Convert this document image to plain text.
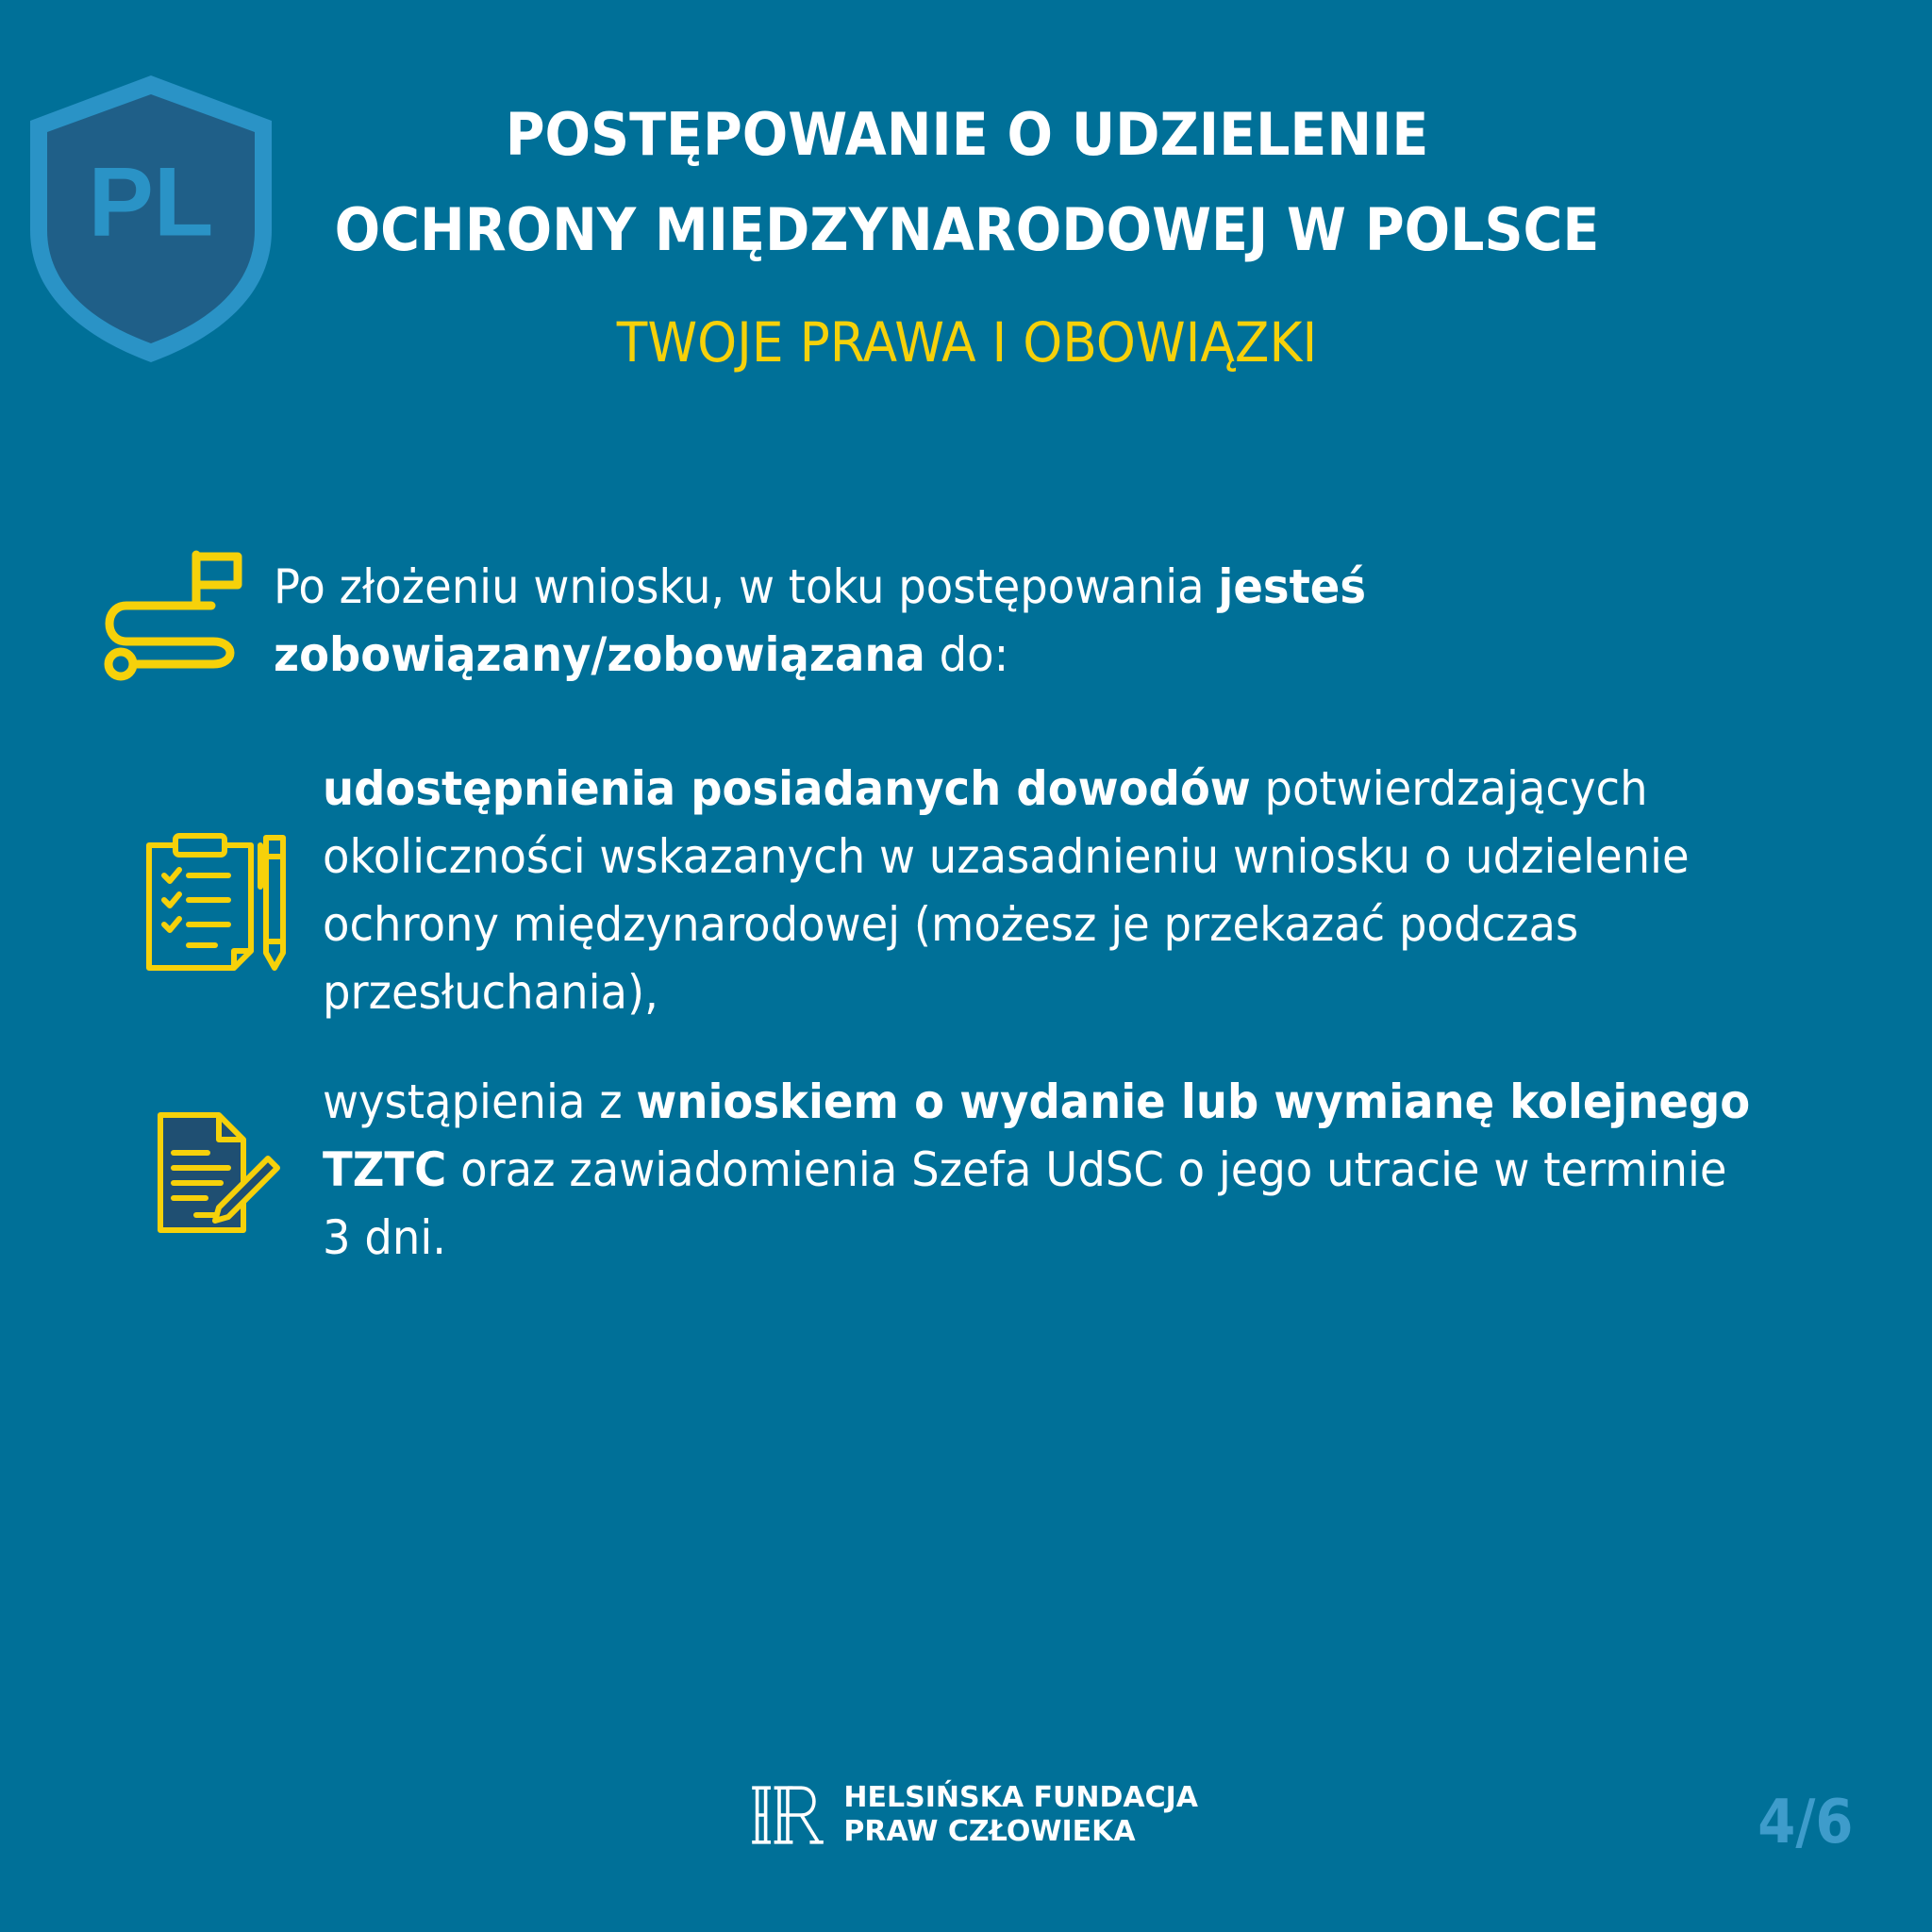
PL
POSTĘPOWANIE O UDZIELENIE
OCHRONY MIĘDZYNARODOWEJ W POLSCE
TWOJE PRAWA I OBOWIĄZKI
Po złożeniu wniosku, w toku postępowania jesteś zobowiązany/zobowiązana do:
udostępnienia posiadanych dowodów potwierdzających okoliczności wskazanych w uzasadnieniu wniosku o udzielenie ochrony międzynarodowej (możesz je przekazać podczas przesłuchania),
wystąpienia z wnioskiem o wydanie lub wymianę kolejnego TZTC oraz zawiadomienia Szefa UdSC o jego utracie w terminie 3 dni.
HELSIŃSKA FUNDACJA
PRAW CZŁOWIEKA	4/6
